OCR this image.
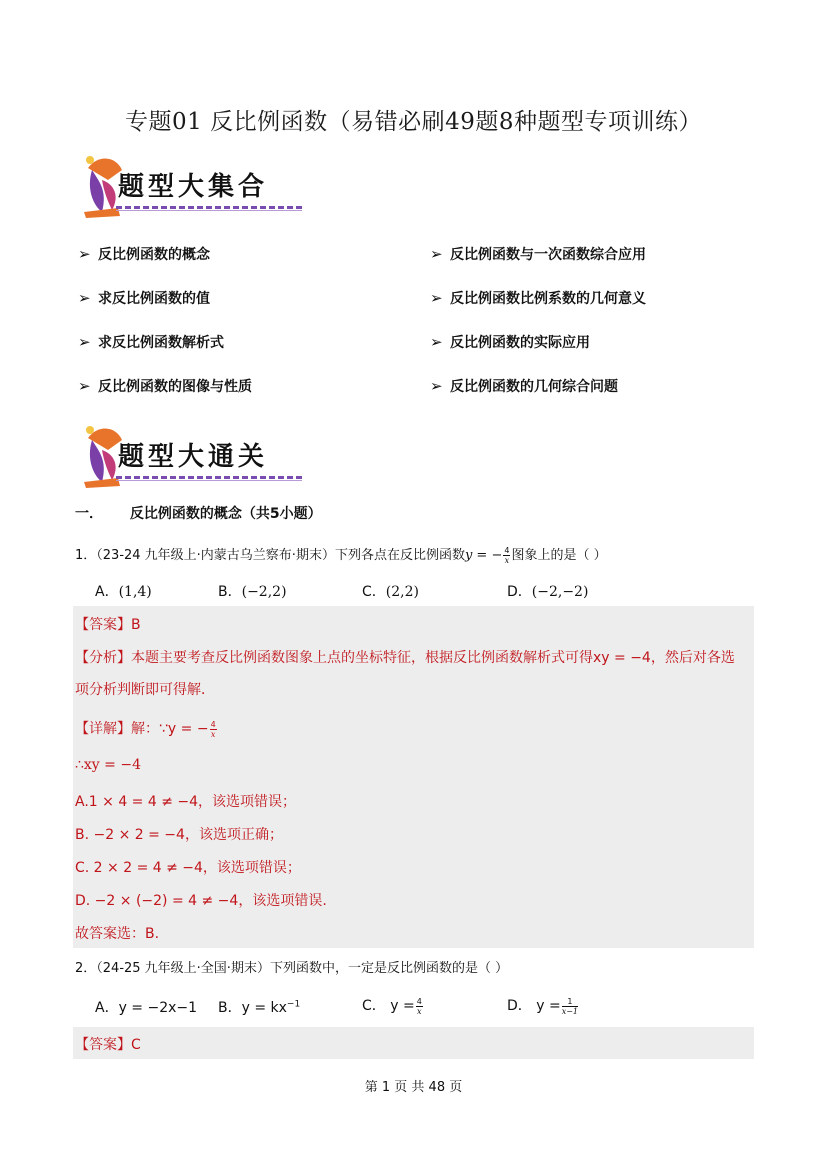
专题01 反比例函数（易错必刷49题8种题型专项训练）
题型大集合
➢ 反比例函数的概念
➢ 求反比例函数的值
➢ 求反比例函数解析式
➢ 反比例函数的图像与性质
➢ 反比例函数与一次函数综合应用
➢ 反比例函数比例系数的几何意义
➢ 反比例函数的实际应用
➢ 反比例函数的几何综合问题
题型大通关
一． 反比例函数的概念（共5小题）
1．（23-24 九年级上·内蒙古乌兰察布·期末）下列各点在反比例函数y = − $\frac{4}{x}$ 图象上的是（ ）
A．(1,4)	B．(−2,2)	C．(2,2)	D．(−2,−2)
【答案】B
【分析】本题主要考查反比例函数图象上点的坐标特征，根据反比例函数解析式可得xy = −4，然后对各选
项分析判断即可得解．
【详解】解：∵y = − $\frac{4}{x}$
∴xy = −4
A.1 × 4 = 4 ≠ −4，该选项错误；
B. −2 × 2 = −4，该选项正确；
C. 2 × 2 = 4 ≠ −4，该选项错误；
D. −2 × (−2) = 4 ≠ −4，该选项错误.
故答案选：B.
2．（24-25 九年级上·全国·期末）下列函数中，一定是反比例函数的是（ ）
A．y = −2x−1 B．$y = kx^{-1}$	C． $y = \frac{4}{x}$	D． $y = \frac{1}{x-1}$
【答案】C
第 1 页 共 48 页
